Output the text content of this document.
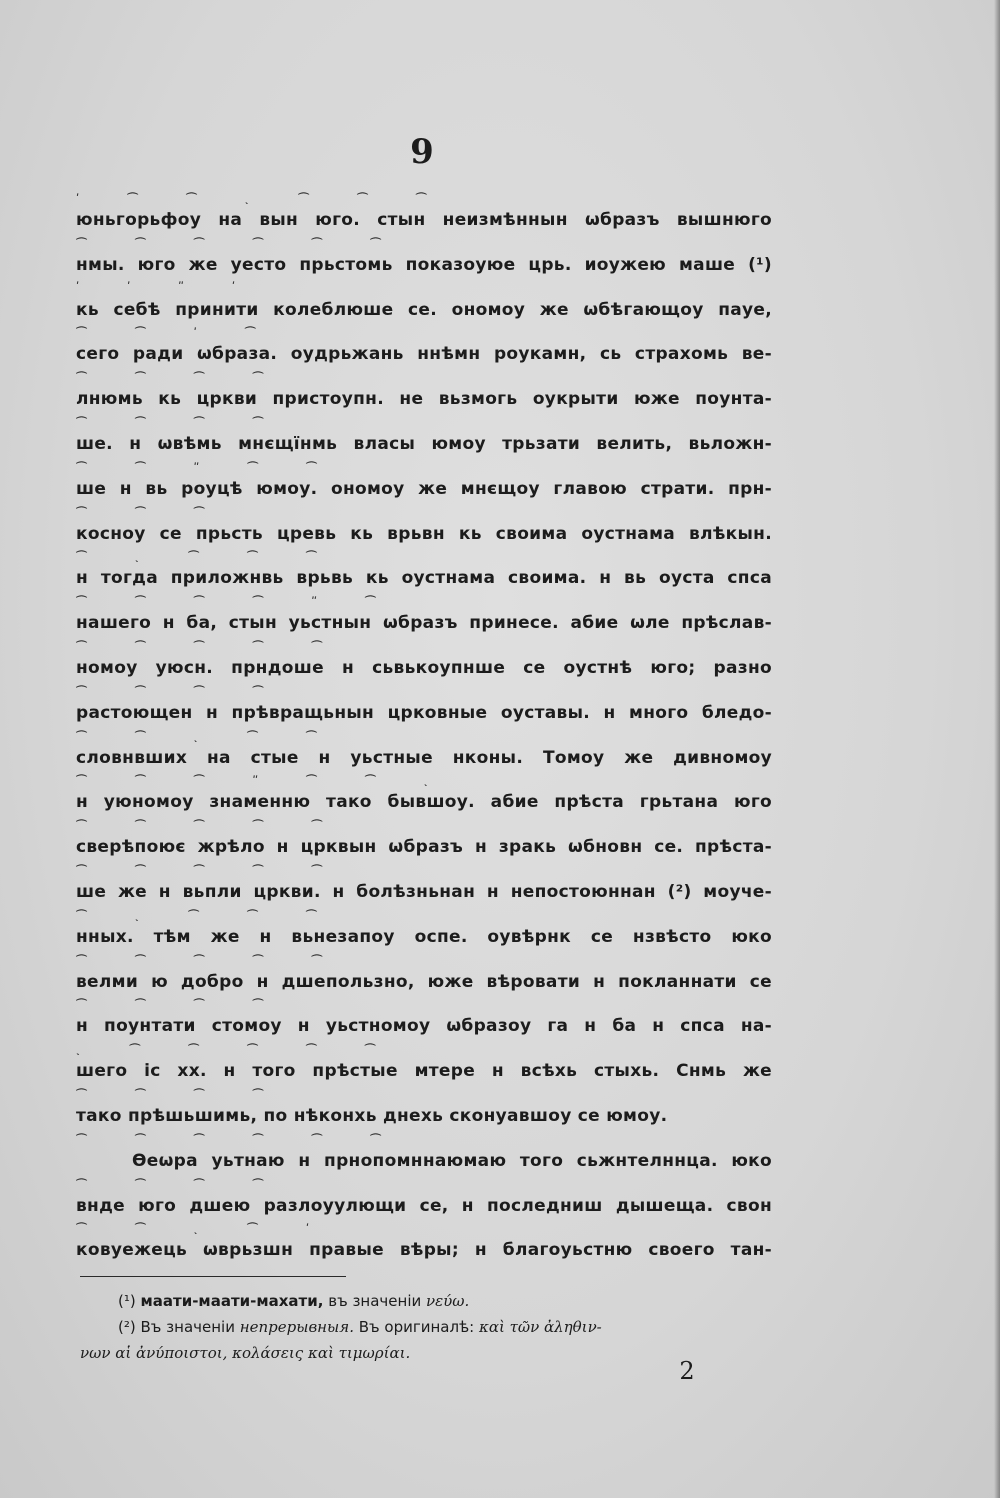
9
ʹ ⌒ ⌒ ˎ ⌒ ⌒ ⌒
юньгорьфоу на вын юго. стын неизмѣннын ѡбразъ вышнюго
⌒ ⌒ ⌒ ⌒ ⌒ ⌒
нмы. юго же уесто прьстомь показоуюе црь. иоужею маше (¹)
ʹ ʹ ʺ ʹ
кь себѣ принити колеблюше се. ономоу же ѡбѣгающоу пауе,
⌒ ⌒ ʹ ⌒
сего ради ѡбраза. оудрьжань ннѣмн роукамн, сь страхомь ве-
⌒ ⌒ ⌒ ⌒
лнюмь кь цркви пристоупн. не вьзмогь оукрыти юже поунта-
⌒ ⌒ ⌒ ⌒
ше. н ѡвѣмь мнєщїнмь власы юмоу трьзати велить, вьложн-
⌒ ⌒ ʺ ⌒ ⌒
ше н вь роуцѣ юмоу. ономоу же мнєщоу главою страти. прн-
⌒ ⌒ ⌒
косноу се прьсть цревь кь врьвн кь своима оустнама влѣкын.
⌒ ˎ ⌒ ⌒ ⌒
н тогда приложнвь врьвь кь оустнама своима. н вь оуста спса
⌒ ⌒ ⌒ ⌒ ʺ ⌒
нашего н ба, стын уьстнын ѡбразъ принесе. абие ѡле прѣслав-
⌒ ⌒ ⌒ ⌒ ⌒
номоу уюсн. прндоше н сьвькоупнше се оустнѣ юго; разно
⌒ ⌒ ⌒ ⌒
растоющен н прѣвращьнын црковные оуставы. н много бледо-
⌒ ⌒ ˎ ⌒ ⌒
словнвших на стые н уьстные нконы. Томоу же дивномоу
⌒ ⌒ ⌒ ʺ ⌒ ⌒ ˎ
н уюномоу знаменню тако бывшоу. абие прѣста грьтана юго
⌒ ⌒ ⌒ ⌒ ⌒
сверѣпоює жрѣло н црквын ѡбразъ н зракь ѡбновн се. прѣста-
⌒ ⌒ ⌒ ⌒ ⌒
ше же н вьпли цркви. н болѣзньнан н непостоюннан (²) моуче-
⌒ ˎ ⌒ ⌒ ⌒
нных. тѣм же н вьнезапоу оспе. оувѣрнк се нзвѣсто юко
⌒ ⌒ ⌒ ⌒ ⌒
велми ю добро н дшепользно, юже вѣровати н покланнати се
⌒ ⌒ ⌒ ⌒
н поунтати стомоу н уьстномоу ѡбразоу га н ба н спса на-
ˎ ⌒ ⌒ ⌒ ⌒ ⌒
шего іс хх. н того прѣстые мтере н всѣхь стыхь. Снмь же
⌒ ⌒ ⌒ ⌒
тако прѣшьшимь, по нѣконхь днехь сконуавшоу се юмоу.
⌒ ⌒ ⌒ ⌒ ⌒ ⌒
Ѳеѡра уьтнаю н прнопомннаюмаю того сьжнтелннца. юко
⌒ ⌒ ⌒ ⌒
внде юго дшею разлоуулющи се, н последниш дышеща. свон
⌒ ⌒ ˎ ⌒ ʹ
ковуежець ѡврьзшн правые вѣры; н благоуьстню своего тан-
(¹) маати-маати-махати, въ значенiи νεύω.
(²) Въ значенiи непрерывныя. Въ оригиналѣ: καὶ τῶν ἀληθιν-
νων αἱ ἀνύποιστοι, κολάσεις καὶ τιμωρίαι.
2
